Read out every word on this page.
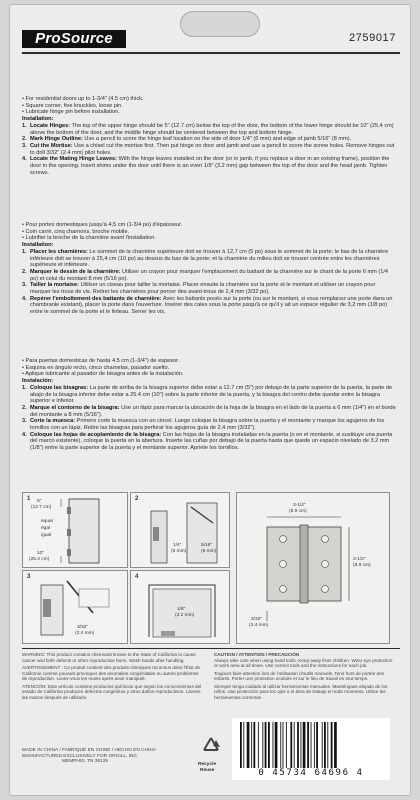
ProSource	2759017
• For residential doors up to 1-3/4" (4.5 cm) thick.
• Square corner, five knuckles, loose pin.
• Lubricate hinge pin before installation.
Installation:
1. Locate Hinges: The top of the upper hinge should be 5" (12.7 cm) below the top of the door, the bottom of the lower hinge should be 10" (25.4 cm) above the bottom of the door, and the middle hinge should be centered between the top and bottom hinge.
2. Mark Hinge Outline: Use a pencil to score the hinge leaf location on the side of door 1/4" (6 mm) and edge of jamb 5/16" (8 mm).
3. Cut the Mortise: Use a chisel cut the mortise first. Then put hinge on door and jamb and use a pencil to score the screw holes. Remove hinges out to drill 3/32" (2.4 mm) pilot holes.
4. Locate the Mating Hinge Leaves: With the hinge leaves installed on the door (or in jamb, if you replace a door in an existing frame), position the door in the opening. Insert shims under the door until there is an even 1/8" (3.2 mm) gap between the top of the door and the head jamb. Tighten screws.
• Pour portes domestiques jusqu'à 4,5 cm (1-3/4 po) d'épaisseur.
• Coin carré, cinq charnons, broche mobile.
• Lubrifier la broche de la charnière avant l'installation.
Installation:
1. Placer les charnières: Le sommet de la charnière supérieure doit se trouver à 12,7 cm (5 po) sous le sommet de la porte; le bas de la charnière inférieure doit se trouver à 25,4 cm (10 po) au dessus du bas de la porte; et la charnière du milieu doit se trouver centrée entre les charnières supérieure et inférieure.
2. Marquer le dessin de la charnière: Utiliser un crayon pour marquer l'emplacement du battant de la charnière sur le chant de la porte 6 mm (1/4 po) et celui du montant 8 mm (5/16 po).
3. Tailler la mortaise: Utiliser un ciseau pour tailler la mortaise. Placer ensuite la charnière sur la porte et le montant et utiliser un crayon pour marquer les trous de vis. Retirer les charnières pour percer des avant-trous de 2,4 mm (3/32 po).
4. Repérer l'emboîtement des battants de charnière: Avec les battants posés sur la porte (ou sur le montant, si vous remplacez une porte dans un chambranle existant), placer la porte dans l'ouverture. Insérer des cales sous la porte jusqu'à ce qu'il y ait un espace régulier de 3,2 mm (1/8 po) entre le sommet de la porte et le linteau. Serrer les vis.
• Para puertas domesticas de hasta 4.5 cm (1-3/4") de espesor.
• Esquina en ángulo recto, cinco charnelas, pasador suelto.
• Aplique lubricante al pasador de bisagra antes de la instalación.
Instalación:
1. Coloque las bisagras: La parte de arriba de la bisagra superior debe estar a 12.7 cm (5") por debajo de la parte superior de la puerta, la parte de abajo de la bisagra inferior debe estar a 25.4 cm (10") sobre la parte inferior de la puerta, y la bisagra del centro debe quedar entre la bisagra superior e inferior.
2. Marque el contorno de la bisagra: Use un lápiz para marcar la ubicación de la hoja de la bisagra en el lado de la puerta a 6 mm (1/4") en el borde del montante a 8 mm (5/16").
3. Corte la muesca: Primero corte la muesca con un cincel. Luego coloque la bisagra sobre la puerta y el montante y marque los agujeros de los tornillos con un lápiz. Retire las bisagras para perforar los agujeros guía de 2.4 mm (3/32").
4. Coloque las hojas de acoplamiento de la bisagra: Con las hojas de la bisagra instaladas en la puerta (o en el montante, si sustituye una puerta del marco existente), coloque la puerta en la abertura. Inserte las cuñas por debajo de la puerta hasta que quede un espacio nivelado de 3.2 mm (1/8") entre la parte superior de la puerta y el montante superior. Apriete los tornillos.
1 5"
(12.7 cm)
equal
égal
igual
10"
(25.4 cm)
2
1/4"
(6 mm)
5/16"
(8 mm)
3
3/32"
(2.4 mm)
4
1/8"
(3.2 mm)
3-1/2"
(8.9 cm)
3-1/2"
(8.9 cm)
3/32"
(2.4 mm)
WARNING: This product contains chemicals known to the State of California to cause cancer and birth defects or other reproductive harm. Wash hands after handling.
AVERTISSEMENT : Ce produit contient des produits chimiques reconnus dans l'État de Californie comme pouvant provoquer des anomalies congénitales ou autres problèmes de reproduction. Lavez-vous les mains après avoir manipulé.
ATENCIÓN: Este artículo contiene productos químicos que según los conocimientos del estado de California producen defectos congénitos y otros daños reproductivos. Lávese las manos después de utilizarlo.
CAUTION / ATTENTION / PRECAUCIÓN
Always take care when using hand tools. Keep away from children. Wear eye protection or work area at all times. Use correct tools and the instructions for each job.
Toujours faire attention lors de l'utilisation d'outils manuels. Tenir hors de portée des enfants. Porter une protection oculaire et sur le lieu de travail en tout temps.
Siempre tenga cuidado al utilizar herramientas manuales. Manténgase alejado de los niños. Use protección para los ojos o el área de trabajo en todo momento. Utilice las herramientas correctas.
MADE IN CHINA / FABRIQUÉ EN CHINE / HECHO EN CHINA
MANUFACTURED EXCLUSIVELY FOR ORGILL, INC.
MEMPHIS, TN 38125
Recycle
Reuse	0 45734 64696 4
